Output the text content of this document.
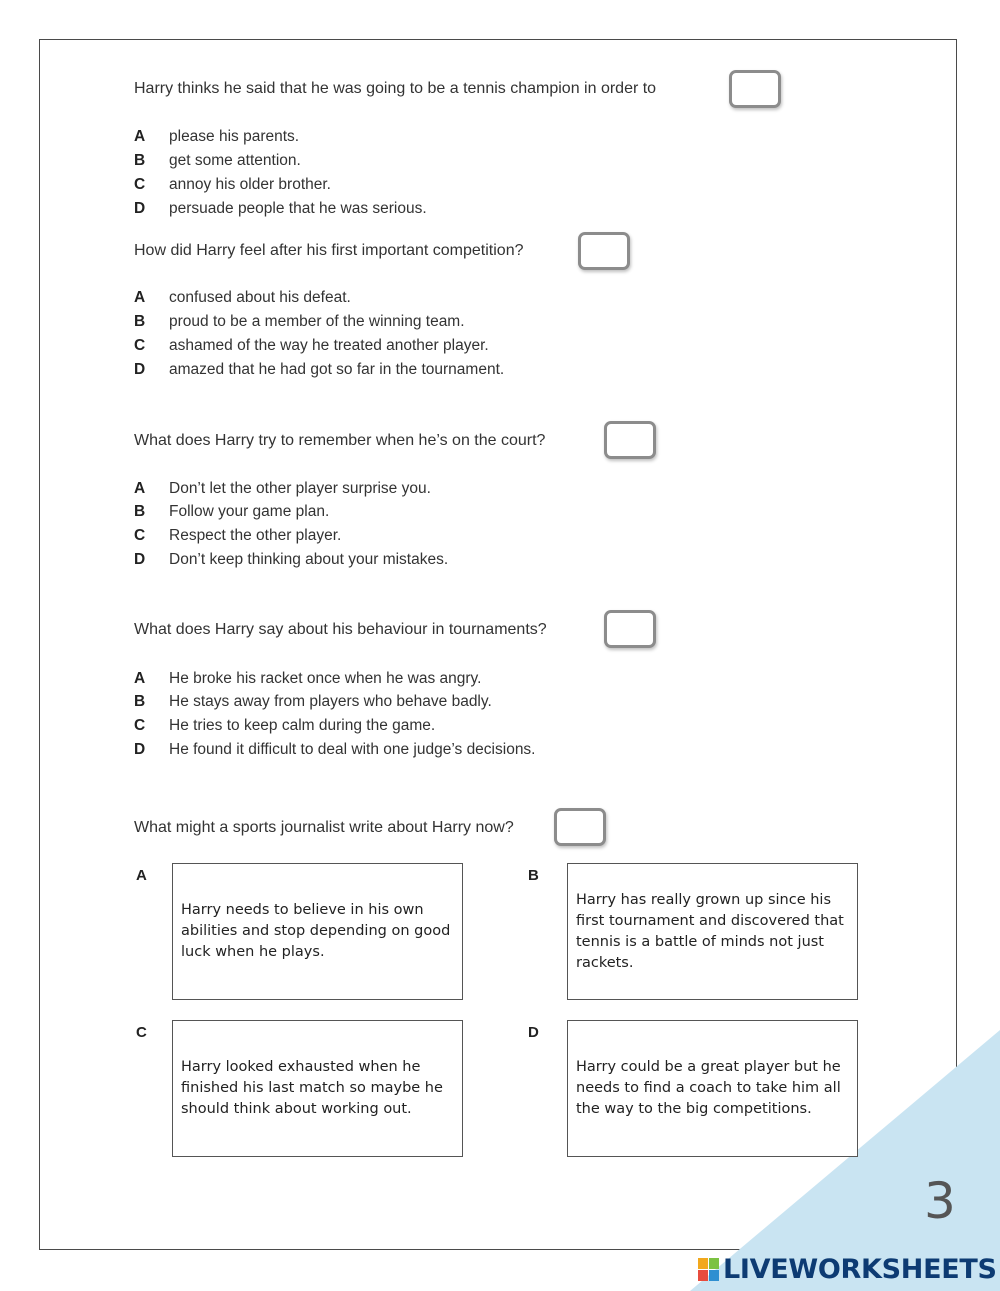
Harry thinks he said that he was going to be a tennis champion in order to
A please his parents.
B get some attention.
C annoy his older brother.
D persuade people that he was serious.
How did Harry feel after his first important competition?
A confused about his defeat.
B proud to be a member of the winning team.
C ashamed of the way he treated another player.
D amazed that he had got so far in the tournament.
What does Harry try to remember when he’s on the court?
A Don’t let the other player surprise you.
B Follow your game plan.
C Respect the other player.
D Don’t keep thinking about your mistakes.
What does Harry say about his behaviour in tournaments?
A He broke his racket once when he was angry.
B He stays away from players who behave badly.
C He tries to keep calm during the game.
D He found it difficult to deal with one judge’s decisions.
What might a sports journalist write about Harry now?
A
Harry needs to believe in his own abilities and stop depending on good luck when he plays.
B
Harry has really grown up since his first tournament and discovered that tennis is a battle of minds not just rackets.
C
Harry looked exhausted when he finished his last match so maybe he should think about working out.
D
Harry could be a great player but he needs to find a coach to take him all the way to the big competitions.
3
LIVEWORKSHEETS
